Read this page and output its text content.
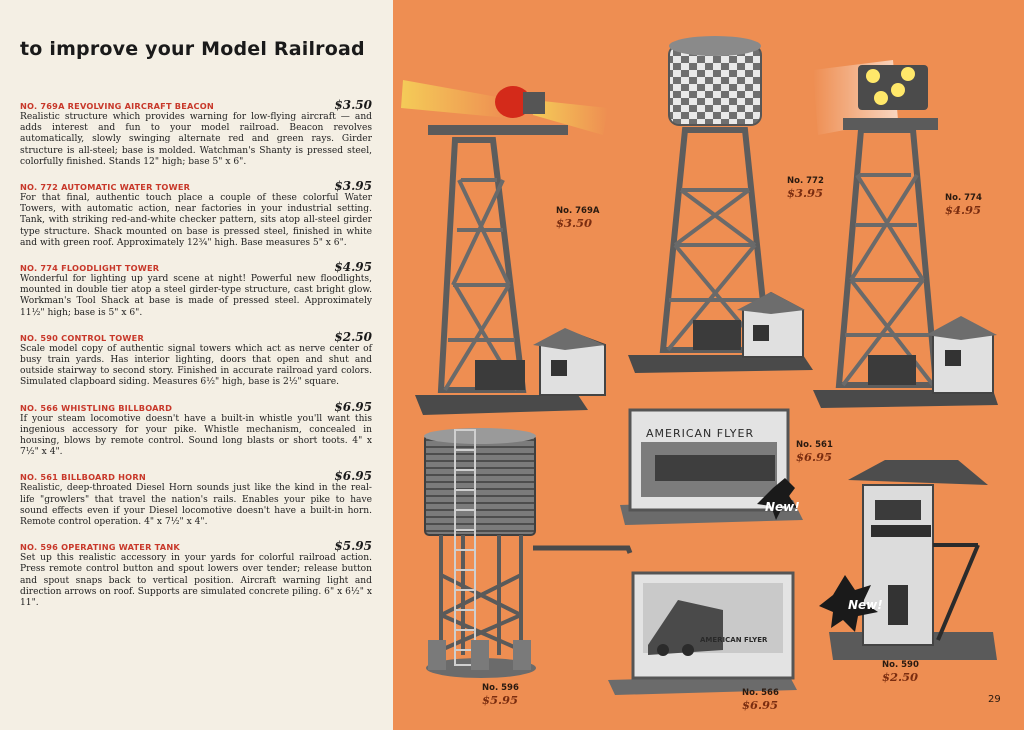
to improve your Model Railroad
NO. 769A REVOLVING AIRCRAFT BEACON	$3.50
Realistic structure which provides warning for low-flying aircraft — and adds interest and fun to your model railroad. Beacon revolves automatically, slowly swinging alternate red and green rays. Girder structure is all-steel; base is molded. Watchman's Shanty is pressed steel, colorfully finished. Stands 12" high; base 5" x 6".
NO. 772 AUTOMATIC WATER TOWER	$3.95
For that final, authentic touch place a couple of these colorful Water Towers, with automatic action, near factories in your industrial setting. Tank, with striking red-and-white checker pattern, sits atop all-steel girder type structure. Shack mounted on base is pressed steel, finished in white and with green roof. Approximately 12¾" high. Base measures 5" x 6".
NO. 774 FLOODLIGHT TOWER	$4.95
Wonderful for lighting up yard scene at night! Powerful new floodlights, mounted in double tier atop a steel girder-type structure, cast bright glow. Workman's Tool Shack at base is made of pressed steel. Approximately 11½" high; base is 5" x 6".
NO. 590 CONTROL TOWER	$2.50
Scale model copy of authentic signal towers which act as nerve center of busy train yards. Has interior lighting, doors that open and shut and outside stairway to second story. Finished in accurate railroad yard colors. Simulated clapboard siding. Measures 6½" high, base is 2½" square.
NO. 566 WHISTLING BILLBOARD	$6.95
If your steam locomotive doesn't have a built-in whistle you'll want this ingenious accessory for your pike. Whistle mechanism, concealed in housing, blows by remote control. Sound long blasts or short toots. 4" x 7½" x 4".
NO. 561 BILLBOARD HORN	$6.95
Realistic, deep-throated Diesel Horn sounds just like the kind in the real-life "growlers" that travel the nation's rails. Enables your pike to have sound effects even if your Diesel locomotive doesn't have a built-in horn. Remote control operation. 4" x 7½" x 4".
NO. 596 OPERATING WATER TANK	$5.95
Set up this realistic accessory in your yards for colorful railroad action. Press remote control button and spout lowers over tender; release button and spout snaps back to vertical position. Aircraft warning light and direction arrows on roof. Supports are simulated concrete piling. 6" x 6½" x 11".
AMERICAN FLYER
AMERICAN FLYER
New!
New!
No. 769A
$3.50
No. 772
$3.95	No. 774
$4.95
No. 561
$6.95
No. 596
$5.95	No. 566
$6.95
No. 590
$2.50
29
